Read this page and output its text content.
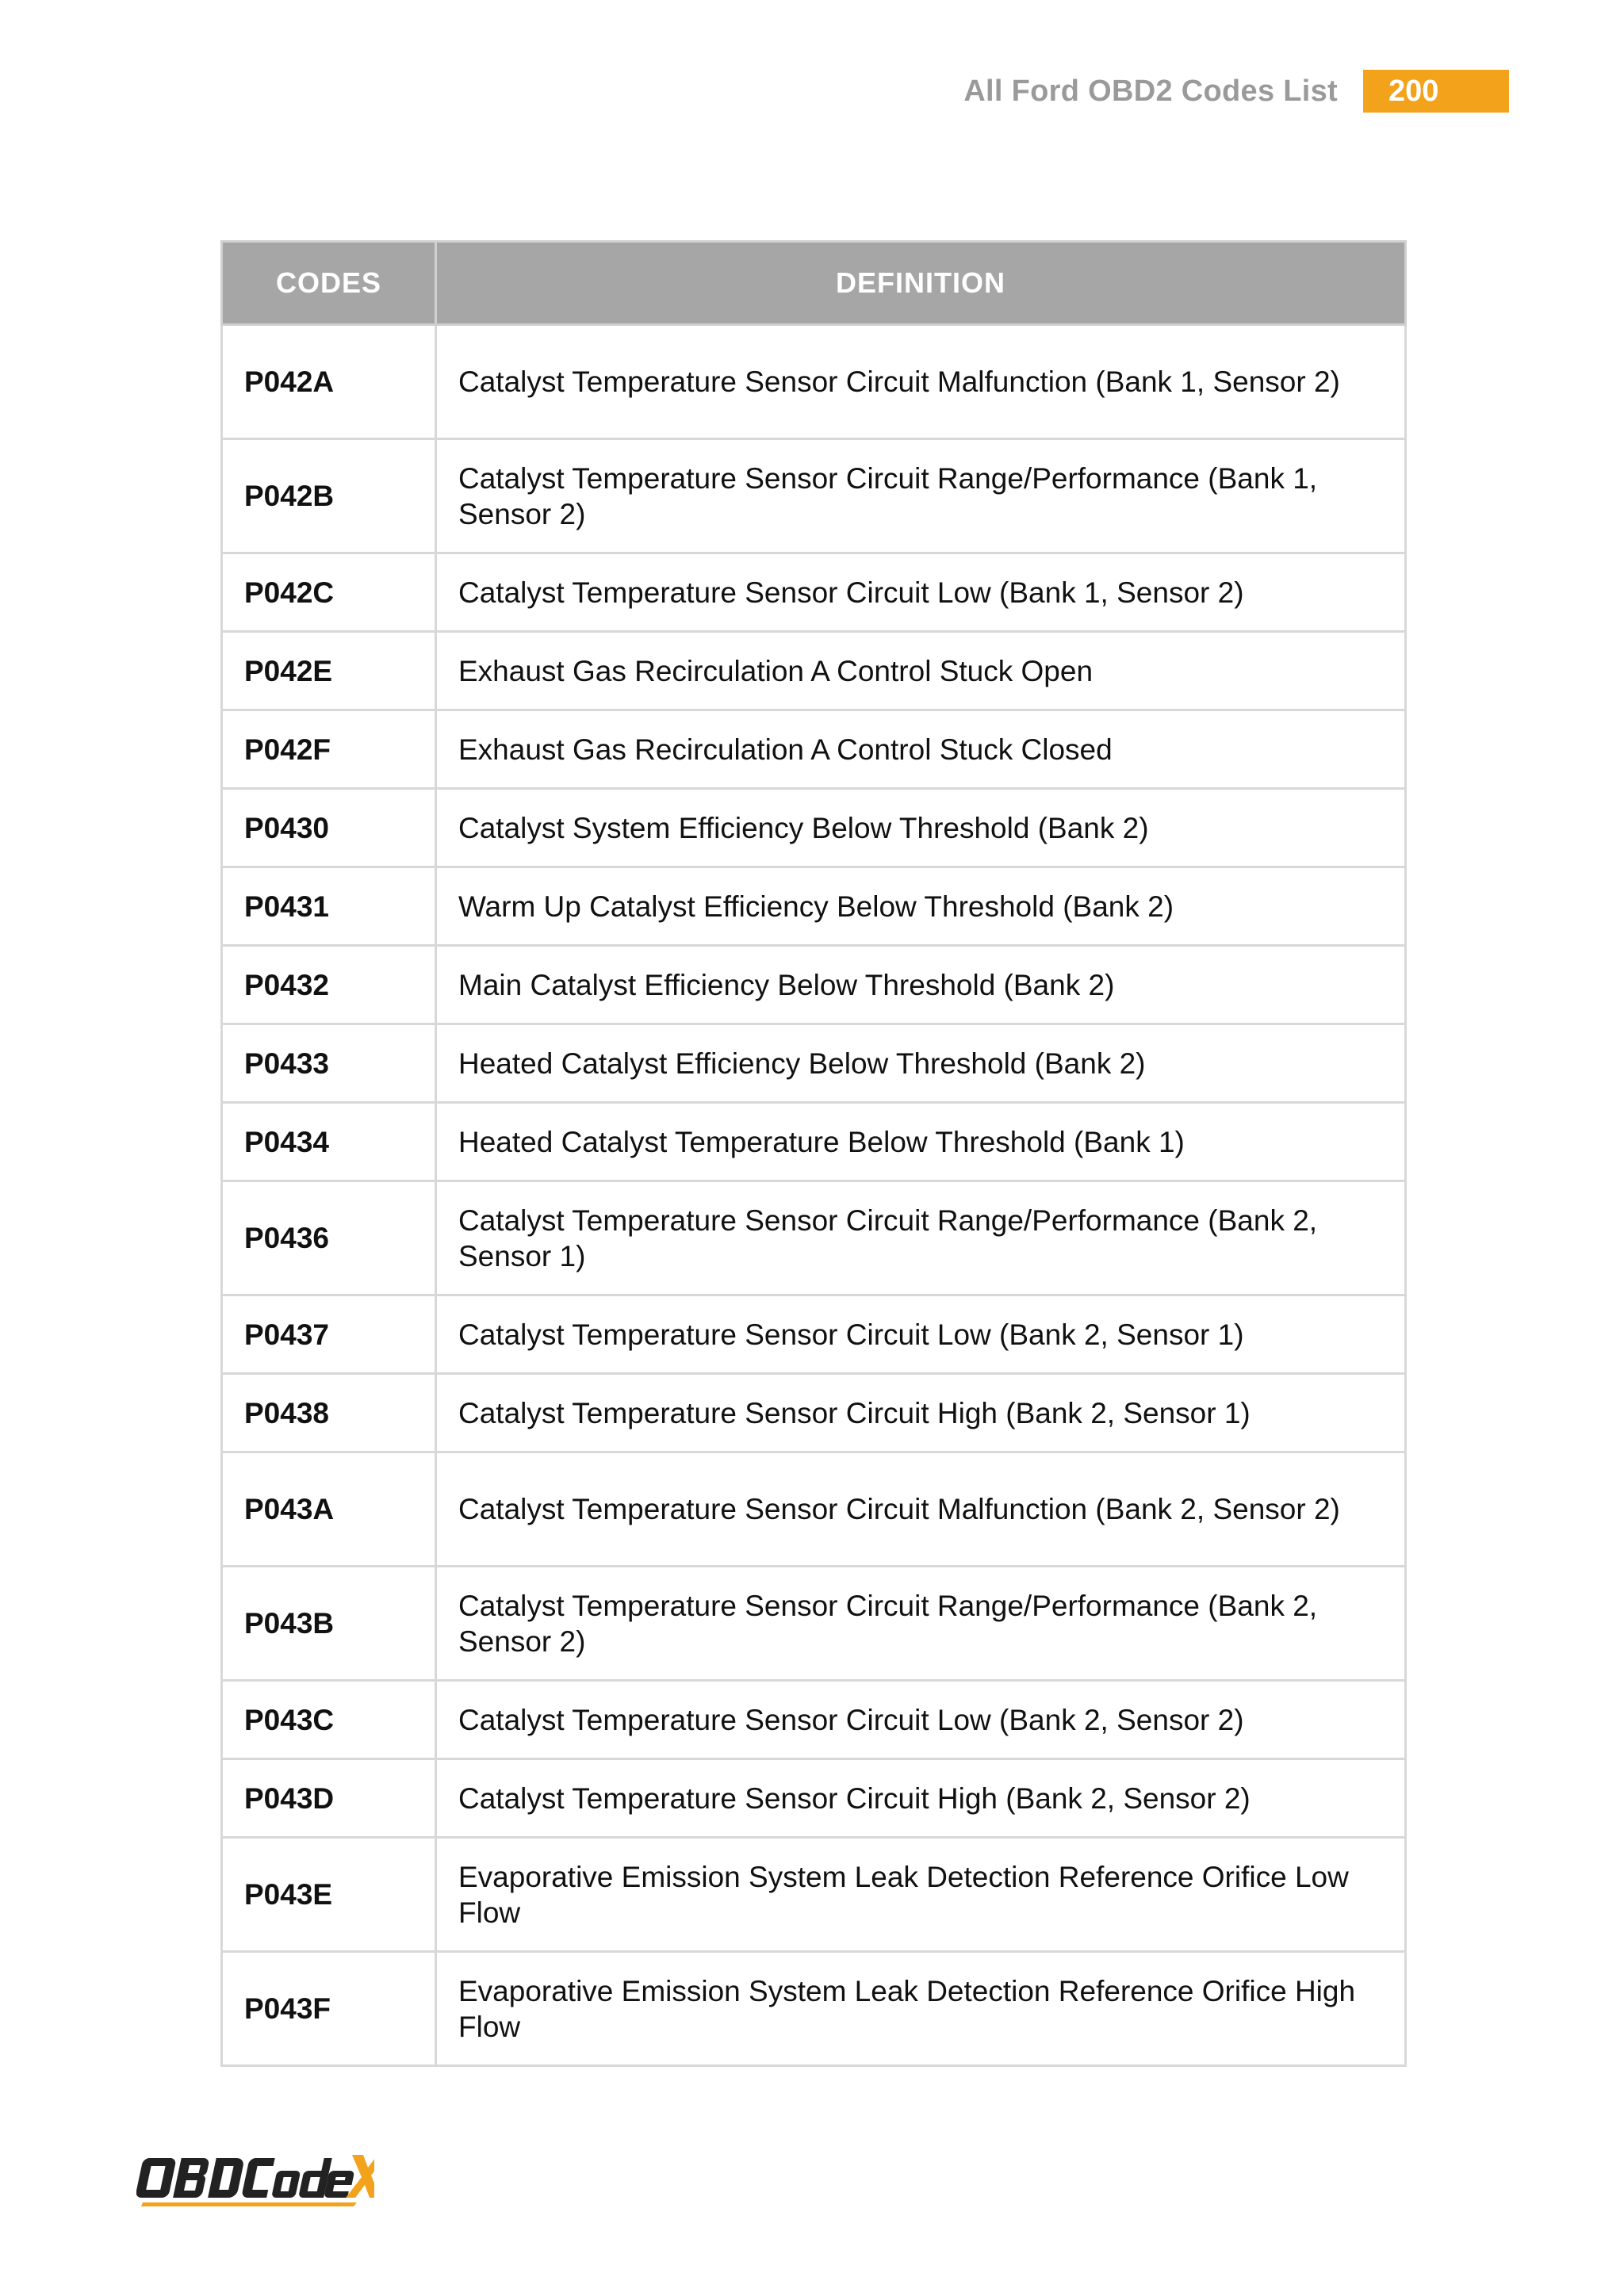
All Ford OBD2 Codes List	200
CODES	DEFINITION
P042A	Catalyst Temperature Sensor Circuit Malfunction (Bank 1, Sensor 2)
P042B	Catalyst Temperature Sensor Circuit Range/Performance (Bank 1, Sensor 2)
P042C	Catalyst Temperature Sensor Circuit Low (Bank 1, Sensor 2)
P042E	Exhaust Gas Recirculation A Control Stuck Open
P042F	Exhaust Gas Recirculation A Control Stuck Closed
P0430	Catalyst System Efficiency Below Threshold (Bank 2)
P0431	Warm Up Catalyst Efficiency Below Threshold (Bank 2)
P0432	Main Catalyst Efficiency Below Threshold (Bank 2)
P0433	Heated Catalyst Efficiency Below Threshold (Bank 2)
P0434	Heated Catalyst Temperature Below Threshold (Bank 1)
P0436	Catalyst Temperature Sensor Circuit Range/Performance (Bank 2, Sensor 1)
P0437	Catalyst Temperature Sensor Circuit Low (Bank 2, Sensor 1)
P0438	Catalyst Temperature Sensor Circuit High (Bank 2, Sensor 1)
P043A	Catalyst Temperature Sensor Circuit Malfunction (Bank 2, Sensor 2)
P043B	Catalyst Temperature Sensor Circuit Range/Performance (Bank 2, Sensor 2)
P043C	Catalyst Temperature Sensor Circuit Low (Bank 2, Sensor 2)
P043D	Catalyst Temperature Sensor Circuit High (Bank 2, Sensor 2)
P043E	Evaporative Emission System Leak Detection Reference Orifice Low Flow
P043F	Evaporative Emission System Leak Detection Reference Orifice High Flow
